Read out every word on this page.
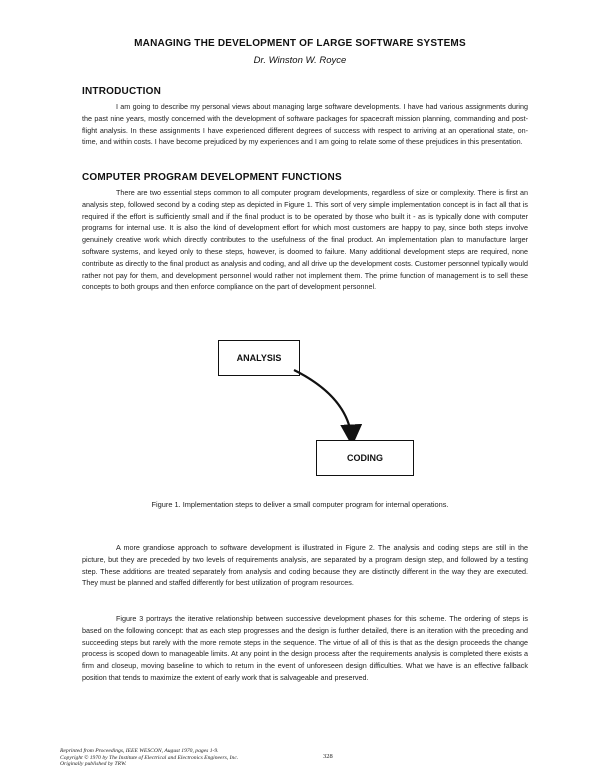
MANAGING THE DEVELOPMENT OF LARGE SOFTWARE SYSTEMS
Dr. Winston W. Royce
INTRODUCTION
I am going to describe my personal views about managing large software developments. I have had various assignments during the past nine years, mostly concerned with the development of software packages for spacecraft mission planning, commanding and post-flight analysis. In these assignments I have experienced different degrees of success with respect to arriving at an operational state, on-time, and within costs. I have become prejudiced by my experiences and I am going to relate some of these prejudices in this presentation.
COMPUTER PROGRAM DEVELOPMENT FUNCTIONS
There are two essential steps common to all computer program developments, regardless of size or complexity. There is first an analysis step, followed second by a coding step as depicted in Figure 1. This sort of very simple implementation concept is in fact all that is required if the effort is sufficiently small and if the final product is to be operated by those who built it - as is typically done with computer programs for internal use. It is also the kind of development effort for which most customers are happy to pay, since both steps involve genuinely creative work which directly contributes to the usefulness of the final product. An implementation plan to manufacture larger software systems, and keyed only to these steps, however, is doomed to failure. Many additional development steps are required, none contribute as directly to the final product as analysis and coding, and all drive up the development costs. Customer personnel typically would rather not pay for them, and development personnel would rather not implement them. The prime function of management is to sell these concepts to both groups and then enforce compliance on the part of development personnel.
ANALYSIS
CODING
Figure 1. Implementation steps to deliver a small computer program for internal operations.
A more grandiose approach to software development is illustrated in Figure 2. The analysis and coding steps are still in the picture, but they are preceded by two levels of requirements analysis, are separated by a program design step, and followed by a testing step. These additions are treated separately from analysis and coding because they are distinctly different in the way they are executed. They must be planned and staffed differently for best utilization of program resources.
Figure 3 portrays the iterative relationship between successive development phases for this scheme. The ordering of steps is based on the following concept: that as each step progresses and the design is further detailed, there is an iteration with the preceding and succeeding steps but rarely with the more remote steps in the sequence. The virtue of all of this is that as the design proceeds the change process is scoped down to manageable limits. At any point in the design process after the requirements analysis is completed there exists a firm and closeup, moving baseline to which to return in the event of unforeseen design difficulties. What we have is an effective fallback position that tends to maximize the extent of early work that is salvageable and preserved.
Reprinted from Proceedings, IEEE WESCON, August 1970, pages 1-9.
Copyright © 1970 by The Institute of Electrical and Electronics Engineers, Inc.
Originally published by TRW.
328
